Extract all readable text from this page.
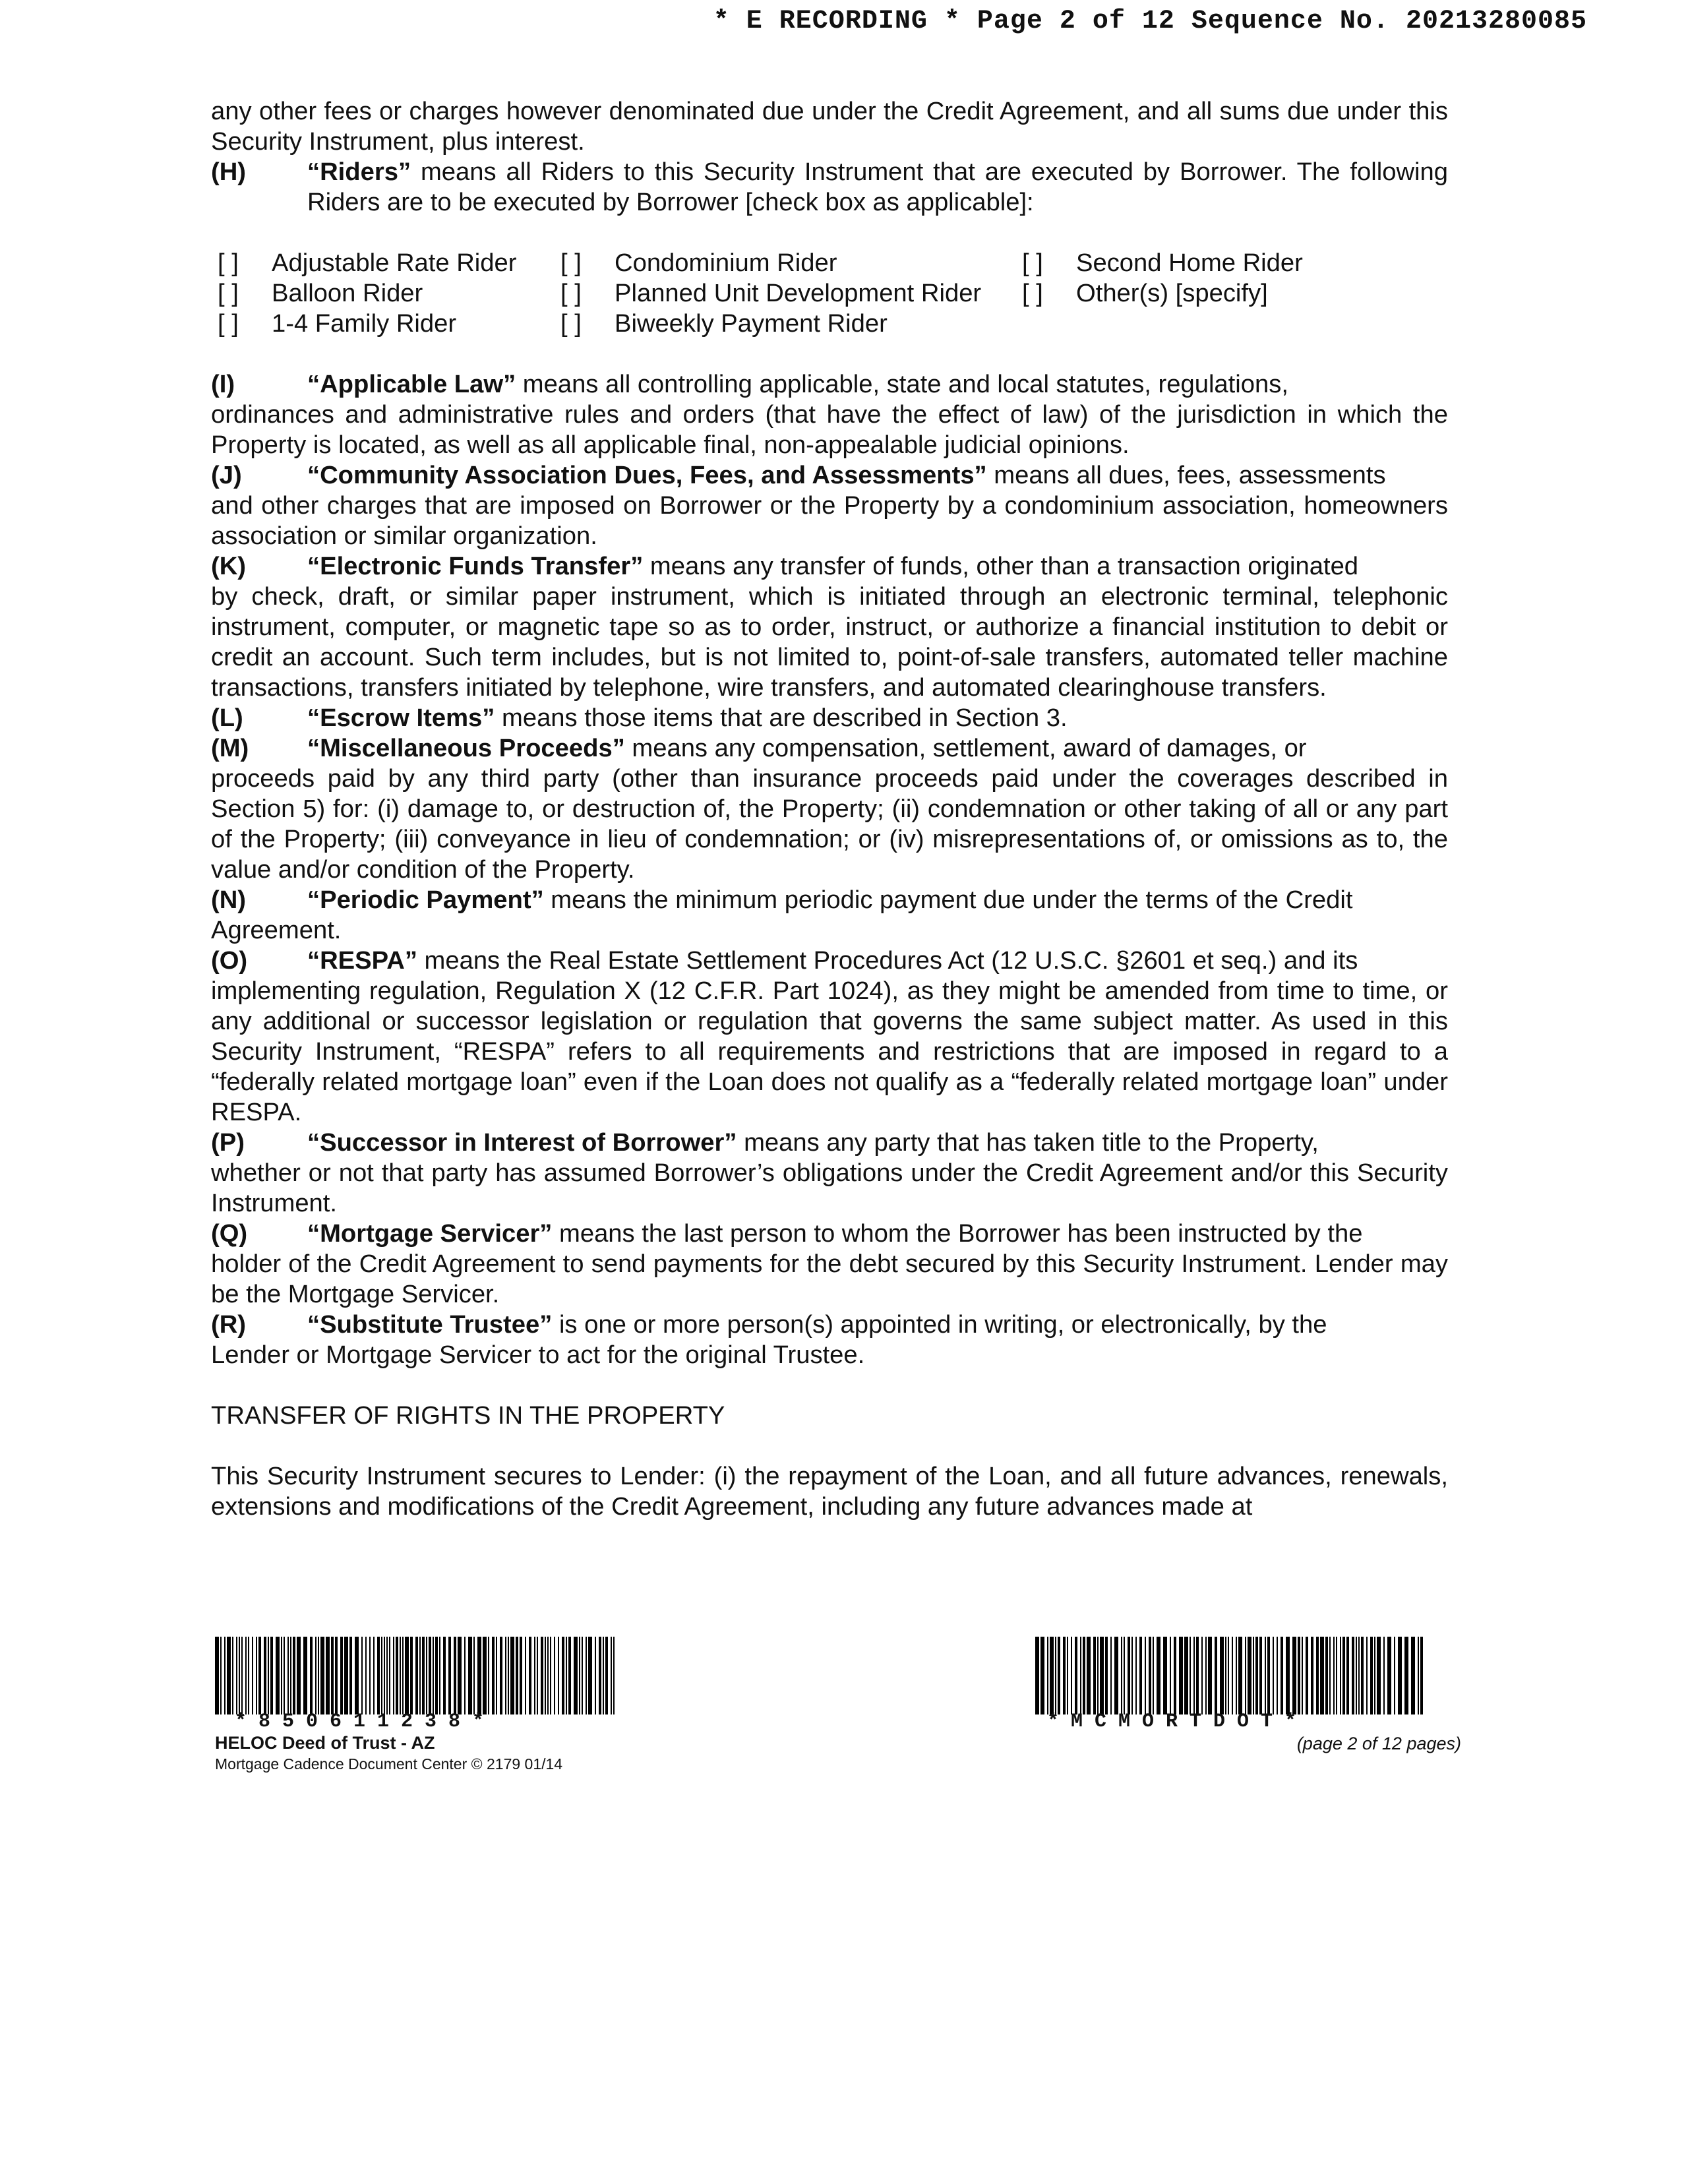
* E RECORDING * Page 2 of 12 Sequence No. 20213280085

any other fees or charges however denominated due under the Credit Agreement, and all sums due under this Security Instrument, plus interest.

(H)	“Riders” means all Riders to this Security Instrument that are executed by Borrower. The following Riders are to be executed by Borrower [check box as applicable]:
[ ]	Adjustable Rate Rider [ ]	Condominium Rider	[ ]	Second Home Rider
[ ]	Balloon Rider	[ ]	Planned Unit Development Rider [ ]	Other(s) [specify]
[ ]	1-4 Family Rider	[ ]	Biweekly Payment Rider
(I)	“Applicable Law” means all controlling applicable, state and local statutes, regulations,

ordinances and administrative rules and orders (that have the effect of law) of the jurisdiction in which the Property is located, as well as all applicable final, non-appealable judicial opinions.

(J)	“Community Association Dues, Fees, and Assessments” means all dues, fees, assessments

and other charges that are imposed on Borrower or the Property by a condominium association, homeowners association or similar organization.

(K)	“Electronic Funds Transfer” means any transfer of funds, other than a transaction originated

by check, draft, or similar paper instrument, which is initiated through an electronic terminal, telephonic instrument, computer, or magnetic tape so as to order, instruct, or authorize a financial institution to debit or credit an account. Such term includes, but is not limited to, point-of-sale transfers, automated teller machine transactions, transfers initiated by telephone, wire transfers, and automated clearinghouse transfers.

(L)	“Escrow Items” means those items that are described in Section 3.
(M)	“Miscellaneous Proceeds” means any compensation, settlement, award of damages, or

proceeds paid by any third party (other than insurance proceeds paid under the coverages described in Section 5) for: (i) damage to, or destruction of, the Property; (ii) condemnation or other taking of all or any part of the Property; (iii) conveyance in lieu of condemnation; or (iv) misrepresentations of, or omissions as to, the value and/or condition of the Property.

(N)	“Periodic Payment” means the minimum periodic payment due under the terms of the Credit

Agreement.

(O)	“RESPA” means the Real Estate Settlement Procedures Act (12 U.S.C. §2601 et seq.) and its

implementing regulation, Regulation X (12 C.F.R. Part 1024), as they might be amended from time to time, or any additional or successor legislation or regulation that governs the same subject matter. As used in this Security Instrument, “RESPA” refers to all requirements and restrictions that are imposed in regard to a “federally related mortgage loan” even if the Loan does not qualify as a “federally related mortgage loan” under RESPA.

(P)	“Successor in Interest of Borrower” means any party that has taken title to the Property,

whether or not that party has assumed Borrower’s obligations under the Credit Agreement and/or this Security Instrument.

(Q)	“Mortgage Servicer” means the last person to whom the Borrower has been instructed by the

holder of the Credit Agreement to send payments for the debt secured by this Security Instrument. Lender may be the Mortgage Servicer.

(R)	“Substitute Trustee” is one or more person(s) appointed in writing, or electronically, by the

Lender or Mortgage Servicer to act for the original Trustee.

TRANSFER OF RIGHTS IN THE PROPERTY

This Security Instrument secures to Lender: (i) the repayment of the Loan, and all future advances, renewals, extensions and modifications of the Credit Agreement, including any future advances made at

*850611238*
HELOC Deed of Trust - AZ
Mortgage Cadence Document Center © 2179 01/14
*MCMORTDOT*
(page 2 of 12 pages)
